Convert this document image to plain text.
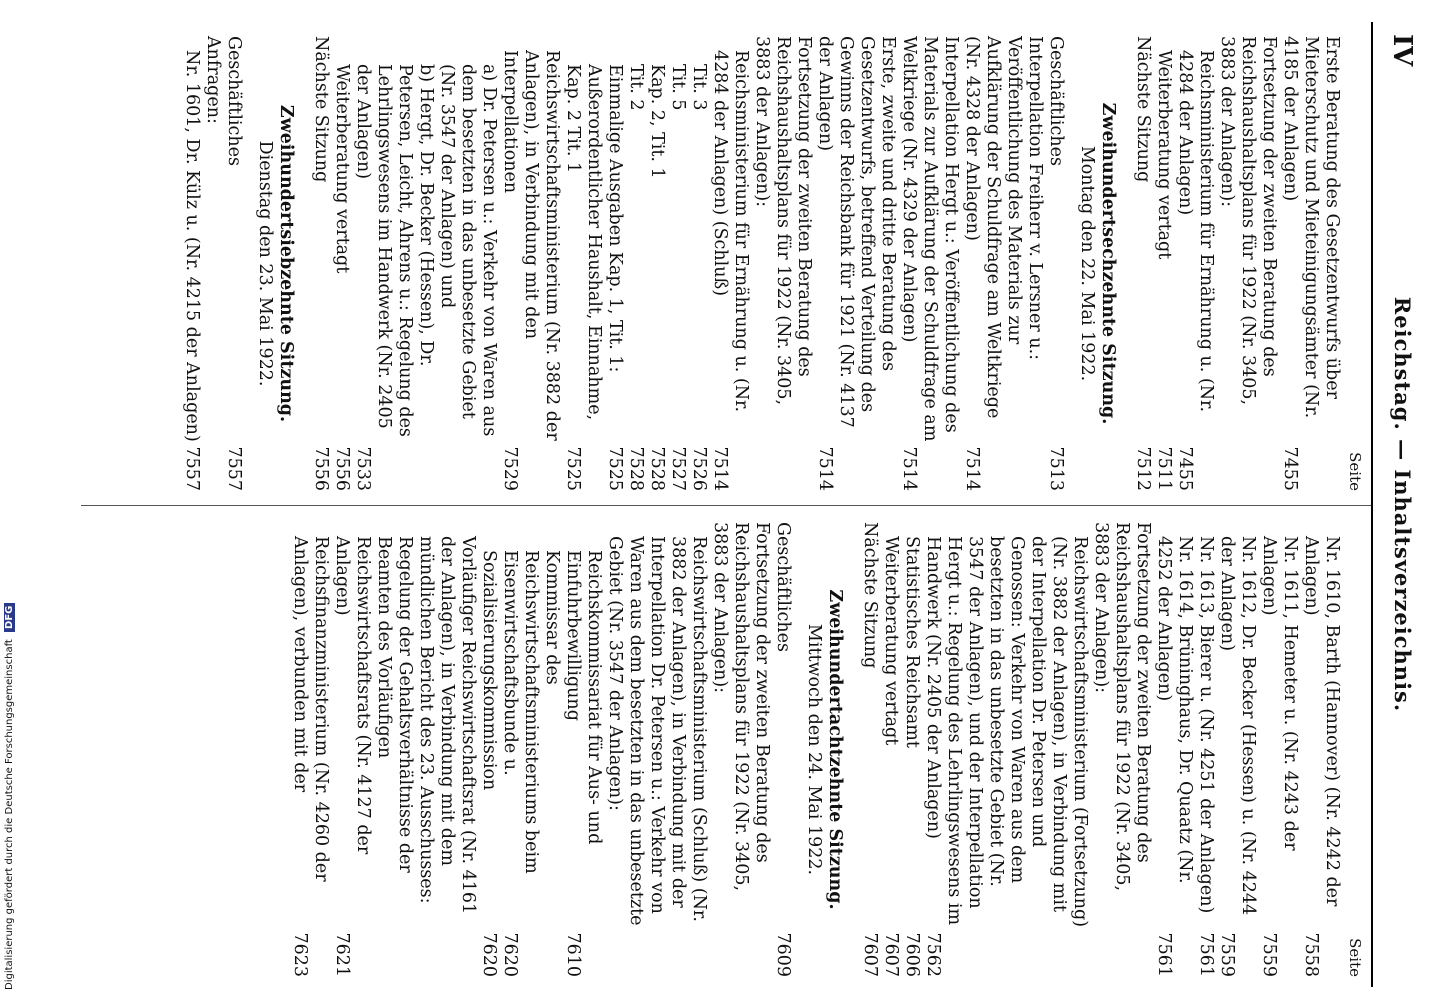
IV
Reichstag. — Inhaltsverzeichnis.
Seite
Erste Beratung des Gesetzentwurfs über Mieterschutz und Mieteinigungsämter (Nr. 4185 der Anlagen)
7455
Fortsetzung der zweiten Beratung des Reichshaushaltsplans für 1922 (Nr. 3405, 3883 der Anlagen):
Reichsministerium für Ernährung u. (Nr. 4284 der Anlagen)
7455
Weiterberatung vertagt
7511
Nächste Sitzung
7512
Zweihundertsechzehnte Sitzung.
Montag den 22. Mai 1922.
Geschäftliches
7513
Interpellation Freiherr v. Lersner u.: Veröffentlichung des Materials zur Aufklärung der Schuldfrage am Weltkriege (Nr. 4328 der Anlagen)
7514
Interpellation Hergt u.: Veröffentlichung des Materials zur Aufklärung der Schuldfrage am Weltkriege (Nr. 4329 der Anlagen)
7514
Erste, zweite und dritte Beratung des Gesetzentwurfs, betreffend Verteilung des Gewinns der Reichsbank für 1921 (Nr. 4137 der Anlagen)
7514
Fortsetzung der zweiten Beratung des Reichshaushaltsplans für 1922 (Nr. 3405, 3883 der Anlagen):
Reichsministerium für Ernährung u. (Nr. 4284 der Anlagen) (Schluß)
7514
Tit. 3
7526
Tit. 5
7527
Kap. 2, Tit. 1
7528
Tit. 2
7528
Einmalige Ausgaben Kap. 1, Tit. 1:
7525
Außerordentlicher Haushalt, Einnahme, Kap. 2 Tit. 1
7525
Reichswirtschaftsministerium (Nr. 3882 der Anlagen), in Verbindung mit den Interpellationen
7529
a) Dr. Petersen u.: Verkehr von Waren aus dem besetzten in das unbesetzte Gebiet (Nr. 3547 der Anlagen) und
b) Hergt, Dr. Becker (Hessen), Dr. Petersen, Leicht, Ahrens u.: Regelung des Lehrlingswesens im Handwerk (Nr. 2405 der Anlagen)
7533
Weiterberatung vertagt
7556
Nächste Sitzung
7556
Zweihundertsiebzehnte Sitzung.
Dienstag den 23. Mai 1922.
Geschäftliches
7557
Anfragen:
Nr. 1601, Dr. Külz u. (Nr. 4215 der Anlagen)
7557
Seite
Nr. 1610, Barth (Hannover) (Nr. 4242 der Anlagen)
7558
Nr. 1611, Hemeter u. (Nr. 4243 der Anlagen)
7559
Nr. 1612, Dr. Becker (Hessen) u. (Nr. 4244 der Anlagen)
7559
Nr. 1613, Bierer u. (Nr. 4251 der Anlagen)
7561
Nr. 1614, Brüninghaus, Dr. Quaatz (Nr. 4252 der Anlagen)
7561
Fortsetzung der zweiten Beratung des Reichshaushaltsplans für 1922 (Nr. 3405, 3883 der Anlagen):
Reichswirtschaftsministerium (Fortsetzung) (Nr. 3882 der Anlagen), in Verbindung mit der Interpellation Dr. Petersen und Genossen: Verkehr von Waren aus dem besetzten in das unbesetzte Gebiet (Nr. 3547 der Anlagen), und der Interpellation Hergt u.: Regelung des Lehrlingswesens im Handwerk (Nr. 2405 der Anlagen)
7562
Statistisches Reichsamt
7606
Weiterberatung vertagt
7607
Nächste Sitzung
7607
Zweihundertachtzehnte Sitzung.
Mittwoch den 24. Mai 1922.
Geschäftliches
7609
Fortsetzung der zweiten Beratung des Reichshaushaltsplans für 1922 (Nr. 3405, 3883 der Anlagen):
Reichswirtschaftsministerium (Schluß) (Nr. 3882 der Anlagen), in Verbindung mit der Interpellation Dr. Petersen u.: Verkehr von Waren aus dem besetzten in das unbesetzte Gebiet (Nr. 3547 der Anlagen):
Reichskommissariat für Aus- und Einfuhrbewilligung
7610
Kommissar des Reichswirtschaftsministeriums beim Eisenwirtschaftsbunde u.
7620
Sozialisierungskommission
7620
Vorläufiger Reichswirtschaftsrat (Nr. 4161 der Anlagen), in Verbindung mit dem mündlichen Bericht des 23. Ausschusses: Regelung der Gehaltsverhältnisse der Beamten des Vorläufigen Reichswirtschaftsrats (Nr. 4127 der Anlagen)
7621
Reichsfinanzministerium (Nr. 4260 der Anlagen), verbunden mit der
7623
Digitalisierung gefördert durch die Deutsche Forschungsgemeinschaft DFG
